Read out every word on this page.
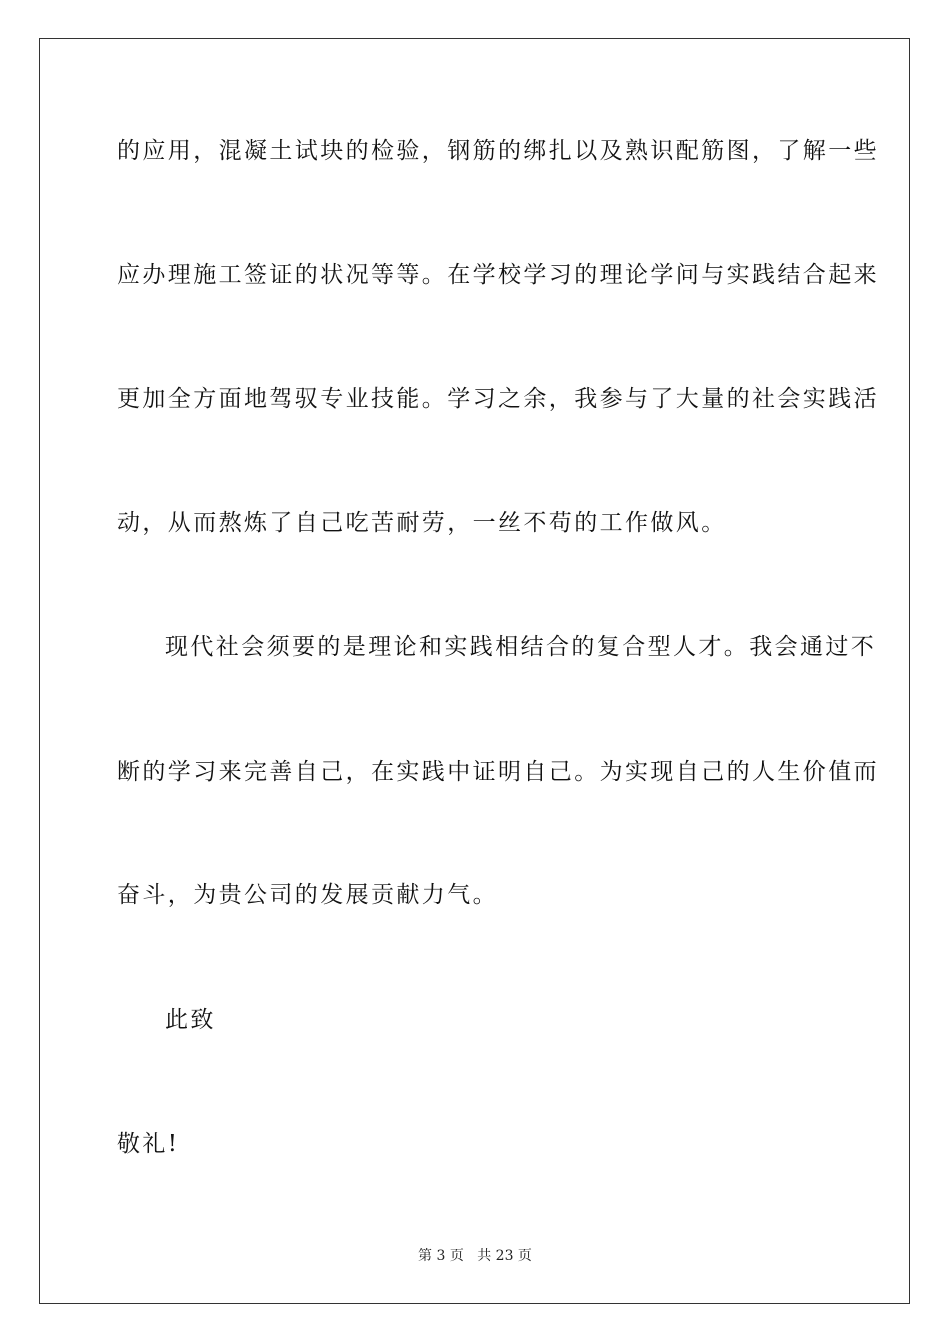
的应用，混凝土试块的检验，钢筋的绑扎以及熟识配筋图，了解一些
应办理施工签证的状况等等。在学校学习的理论学问与实践结合起来
更加全方面地驾驭专业技能。学习之余，我参与了大量的社会实践活
动，从而熬炼了自己吃苦耐劳，一丝不苟的工作做风。
现代社会须要的是理论和实践相结合的复合型人才。我会通过不
断的学习来完善自己，在实践中证明自己。为实现自己的人生价值而
奋斗，为贵公司的发展贡献力气。
此致
敬礼!
第 3 页 共 23 页
